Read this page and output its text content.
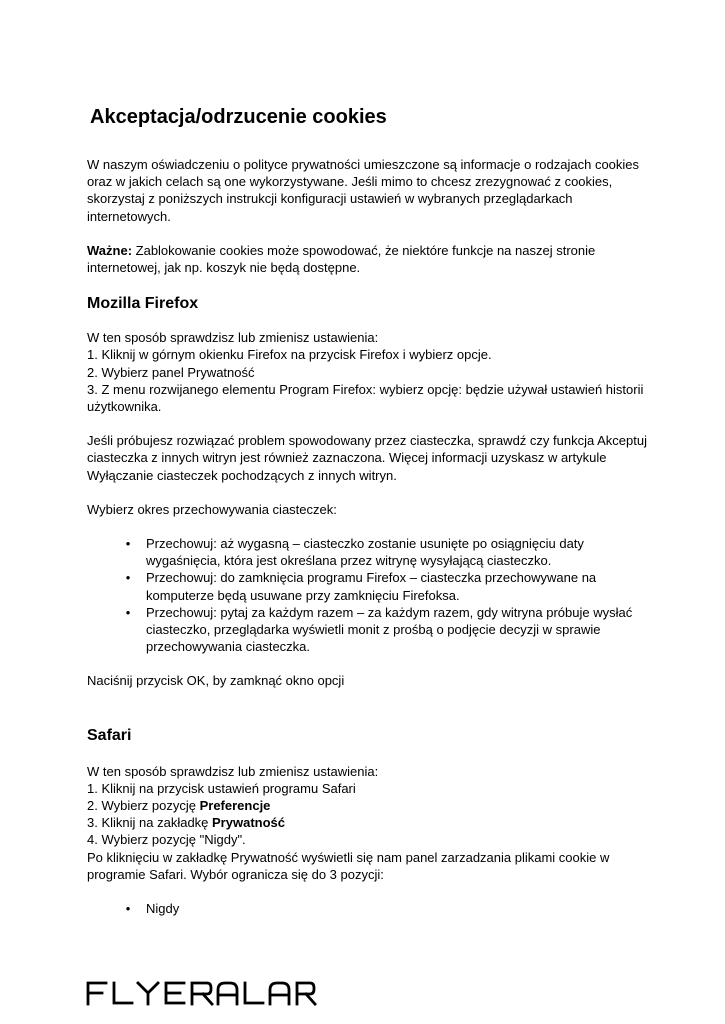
Akceptacja/odrzucenie cookies

W naszym oświadczeniu o polityce prywatności umieszczone są informacje o rodzajach cookies oraz w jakich celach są one wykorzystywane. Jeśli mimo to chcesz zrezygnować z cookies, skorzystaj z poniższych instrukcji konfiguracji ustawień w wybranych przeglądarkach internetowych.

Ważne: Zablokowanie cookies może spowodować, że niektóre funkcje na naszej stronie internetowej, jak np. koszyk nie będą dostępne.

Mozilla Firefox

W ten sposób sprawdzisz lub zmienisz ustawienia:

1. Kliknij w górnym okienku Firefox na przycisk Firefox i wybierz opcje.

2. Wybierz panel Prywatność

3. Z menu rozwijanego elementu Program Firefox: wybierz opcję: będzie używał ustawień historii użytkownika.

Jeśli próbujesz rozwiązać problem spowodowany przez ciasteczka, sprawdź czy funkcja Akceptuj ciasteczka z innych witryn jest również zaznaczona. Więcej informacji uzyskasz w artykule Wyłączanie ciasteczek pochodzących z innych witryn.

Wybierz okres przechowywania ciasteczek:

• Przechowuj: aż wygasną – ciasteczko zostanie usunięte po osiągnięciu daty wygaśnięcia, która jest określana przez witrynę wysyłającą ciasteczko.
• Przechowuj: do zamknięcia programu Firefox – ciasteczka przechowywane na komputerze będą usuwane przy zamknięciu Firefoksa.
• Przechowuj: pytaj za każdym razem – za każdym razem, gdy witryna próbuje wysłać ciasteczko, przeglądarka wyświetli monit z prośbą o podjęcie decyzji w sprawie przechowywania ciasteczka.

Naciśnij przycisk OK, by zamknąć okno opcji

Safari

W ten sposób sprawdzisz lub zmienisz ustawienia:

1. Kliknij na przycisk ustawień programu Safari

2. Wybierz pozycję Preferencje

3. Kliknij na zakładkę Prywatność

4. Wybierz pozycję "Nigdy".

Po kliknięciu w zakładkę Prywatność wyświetli się nam panel zarzadzania plikami cookie w programie Safari. Wybór ogranicza się do 3 pozycji:

• Nigdy
